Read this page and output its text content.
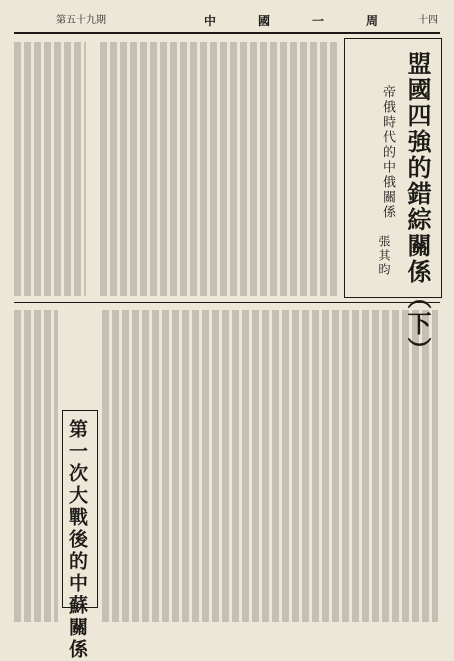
第五十九期	中國一周
十四
盟國四強的錯綜關係（下）
帝俄時代的中俄關係
張其昀
第一次大戰後的中蘇關係
